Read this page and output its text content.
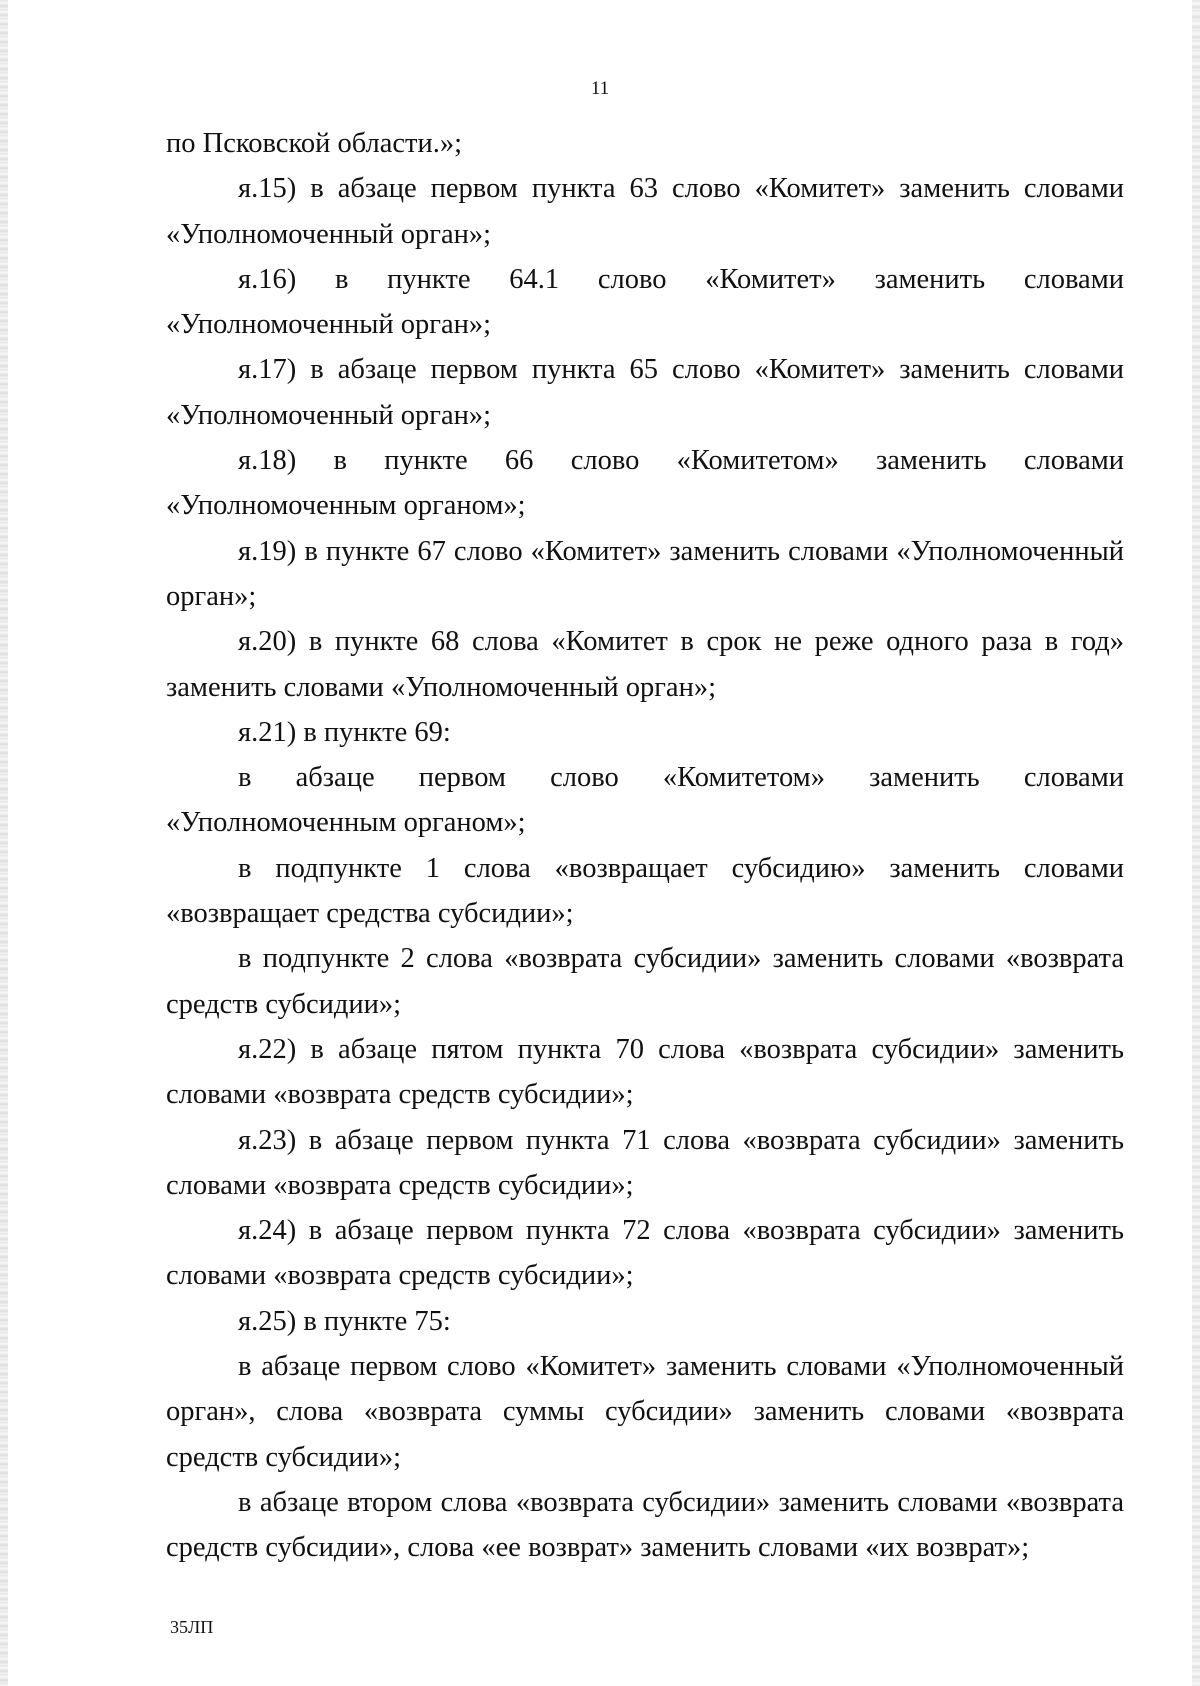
11

по Псковской области.»;

я.15) в абзаце первом пункта 63 слово «Комитет» заменить словами «Уполномоченный орган»;

я.16) в пункте 64.1 слово «Комитет» заменить словами «Уполномоченный орган»;

я.17) в абзаце первом пункта 65 слово «Комитет» заменить словами «Уполномоченный орган»;

я.18) в пункте 66 слово «Комитетом» заменить словами «Уполномоченным органом»;

я.19) в пункте 67 слово «Комитет» заменить словами «Уполномоченный орган»;

я.20) в пункте 68 слова «Комитет в срок не реже одного раза в год» заменить словами «Уполномоченный орган»;

я.21) в пункте 69:

в абзаце первом слово «Комитетом» заменить словами «Уполномоченным органом»;

в подпункте 1 слова «возвращает субсидию» заменить словами «возвращает средства субсидии»;

в подпункте 2 слова «возврата субсидии» заменить словами «возврата средств субсидии»;

я.22) в абзаце пятом пункта 70 слова «возврата субсидии» заменить словами «возврата средств субсидии»;

я.23) в абзаце первом пункта 71 слова «возврата субсидии» заменить словами «возврата средств субсидии»;

я.24) в абзаце первом пункта 72 слова «возврата субсидии» заменить словами «возврата средств субсидии»;

я.25) в пункте 75:

в абзаце первом слово «Комитет» заменить словами «Уполномоченный орган», слова «возврата суммы субсидии» заменить словами «возврата средств субсидии»;

в абзаце втором слова «возврата субсидии» заменить словами «возврата средств субсидии», слова «ее возврат» заменить словами «их возврат»;

35ЛП
